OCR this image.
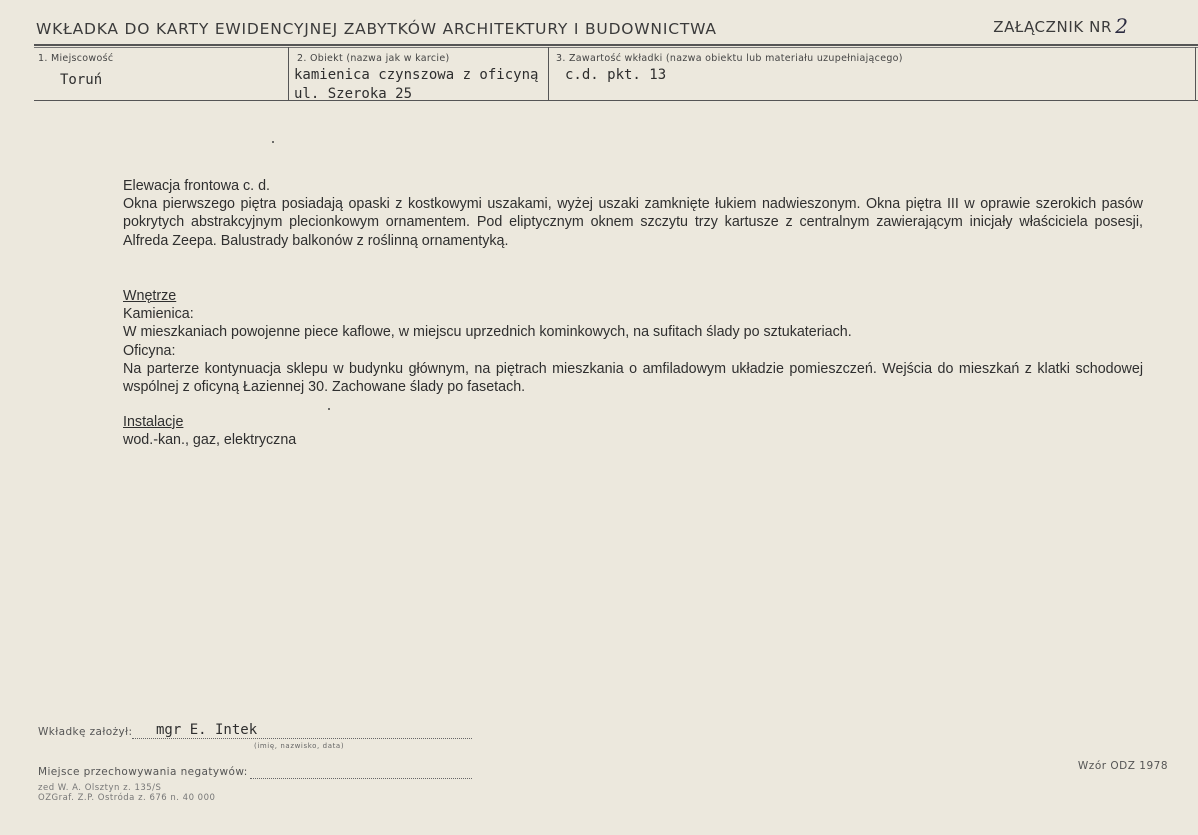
WKŁADKA DO KARTY EWIDENCYJNEJ ZABYTKÓW ARCHITEKTURY I BUDOWNICTWA	ZAŁĄCZNIK NR 2
1. Miejscowość
Toruń
2. Obiekt (nazwa jak w karcie)
kamienica czynszowa z oficyną
ul. Szeroka 25
3. Zawartość wkładki (nazwa obiektu lub materiału uzupełniającego)
c.d. pkt. 13

Elewacja frontowa c. d.

Okna pierwszego piętra posiadają opaski z kostkowymi uszakami, wyżej uszaki zamknięte łukiem nadwieszonym. Okna piętra III w oprawie szerokich pasów pokrytych abstrakcyjnym plecionkowym ornamentem. Pod eliptycznym oknem szczytu trzy kartusze z centralnym zawierającym inicjały właściciela posesji, Alfreda Zeepa. Balustrady balkonów z roślinną ornamentyką.

Wnętrze

Kamienica:

W mieszkaniach powojenne piece kaflowe, w miejscu uprzednich kominkowych, na sufitach ślady po sztukateriach.

Oficyna:

Na parterze kontynuacja sklepu w budynku głównym, na piętrach mieszkania o amfiladowym układzie pomieszczeń. Wejścia do mieszkań z klatki schodowej wspólnej z oficyną Łaziennej 30. Zachowane ślady po fasetach.

Instalacje

wod.-kan., gaz, elektryczna

Wkładkę założył: mgr E. Intek
(imię, nazwisko, data)
Miejsce przechowywania negatywów:
zed W. A. Olsztyn z. 135/S
OZGraf. Z.P. Ostróda z. 676 n. 40 000
Wzór ODZ 1978
